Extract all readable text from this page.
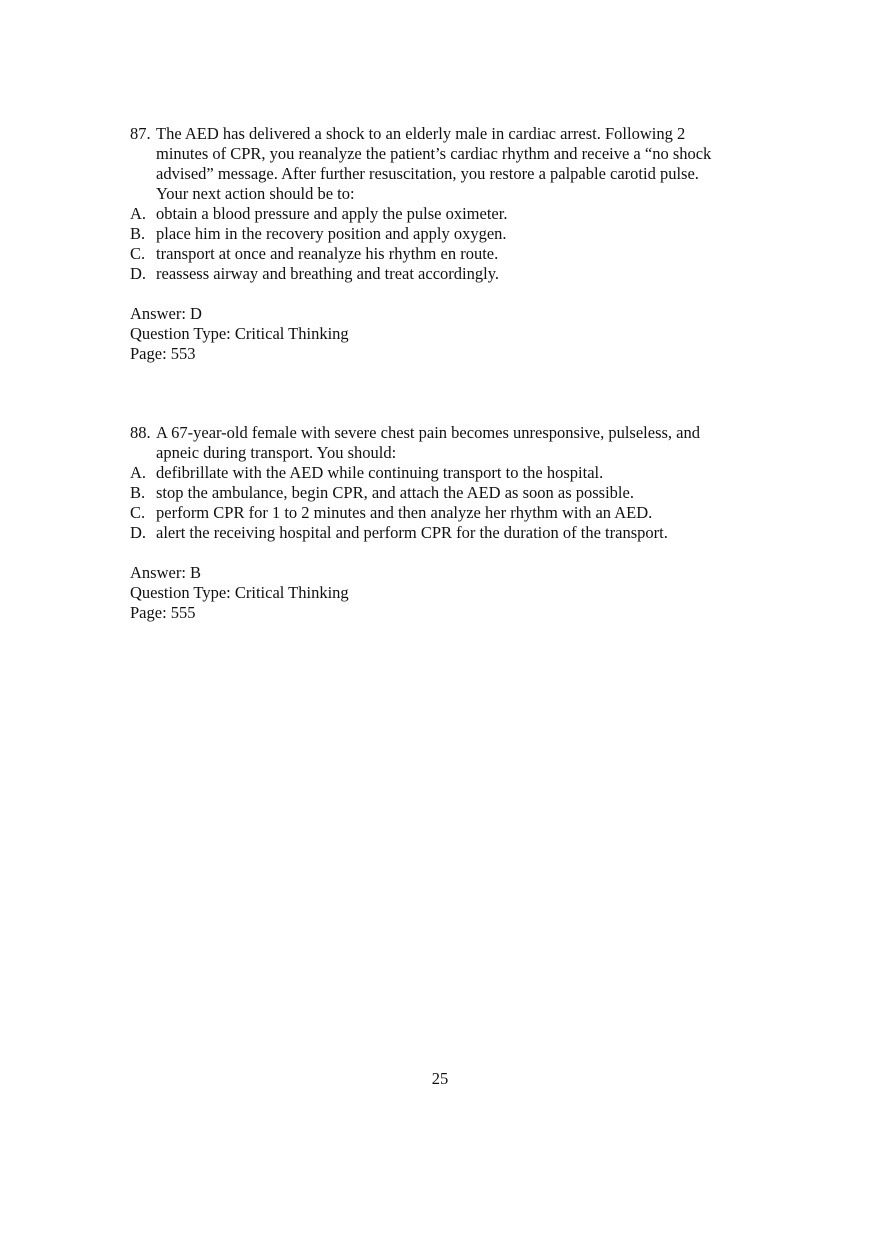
87. The AED has delivered a shock to an elderly male in cardiac arrest. Following 2
minutes of CPR, you reanalyze the patient’s cardiac rhythm and receive a “no shock
advised” message. After further resuscitation, you restore a palpable carotid pulse.
Your next action should be to:
A. obtain a blood pressure and apply the pulse oximeter.
B. place him in the recovery position and apply oxygen.
C. transport at once and reanalyze his rhythm en route.
D. reassess airway and breathing and treat accordingly.
Answer: D
Question Type: Critical Thinking
Page: 553
88. A 67-year-old female with severe chest pain becomes unresponsive, pulseless, and
apneic during transport. You should:
A. defibrillate with the AED while continuing transport to the hospital.
B. stop the ambulance, begin CPR, and attach the AED as soon as possible.
C. perform CPR for 1 to 2 minutes and then analyze her rhythm with an AED.
D. alert the receiving hospital and perform CPR for the duration of the transport.
Answer: B
Question Type: Critical Thinking
Page: 555
25
